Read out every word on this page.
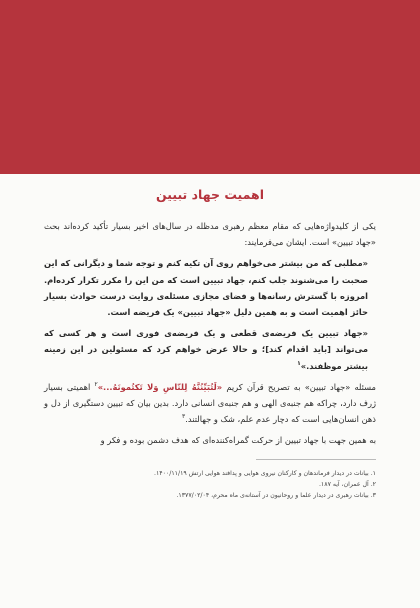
اهمیت جهاد تبیین

یکی از کلیدواژه‌هایی که مقام معظم رهبری مدظله در سال‌های اخیر بسیار تأکید کرده‌اند بحث «جهاد تبیین» است. ایشان می‌فرمایند:

«مطلبی که من بیشتر می‌خواهم روی آن تکیه کنم و توجه شما و دیگرانی که این صحبت را می‌شنوند جلب کنم، جهاد تبیین است که من این را مکرر تکرار کرده‌ام. امروزه با گسترش رسانه‌ها و فضای مجازی مسئله‌ی روایت درست حوادث بسیار حائز اهمیت است و به همین دلیل «جهاد تبیین» یک فریضه است.

«جهاد تبیین یک فریضه‌ی قطعی و یک فریضه‌ی فوری است و هر کسی که می‌تواند [باید اقدام کند]؛ و حالا عرض خواهم کرد که مسئولین در این زمینه بیشتر موظفند.»$^۱$

مسئله «جهاد تبیین» به تصریح قرآن کریم «لَتُبَيِّنُنَّهُ لِلنّاسِ وَلا تَكتُمونَهُ...»$^۲$ اهمیتی بسیار ژرف دارد، چراکه هم جنبه‌ی الهی و هم جنبه‌ی انسانی دارد. بدین بیان که تبیین دستگیری از دل و ذهن انسان‌هایی است که دچار عدم علم، شک و جهالتند.$^۳$

به همین جهت با جهاد تبیین از حرکت گمراه‌کننده‌ای که هدف دشمن بوده و فکر و

۱. بیانات در دیدار فرماندهان و کارکنان نیروی هوایی و پدافند هوایی ارتش ۱۴۰۰/۱۱/۱۹.
۲. آل عمران، آیه ۱۸۷.
۳. بیانات رهبری در دیدار علما و روحانیون در آستانه‌ی ماه محرم، ۱۳۷۷/۰۲/۰۴.
